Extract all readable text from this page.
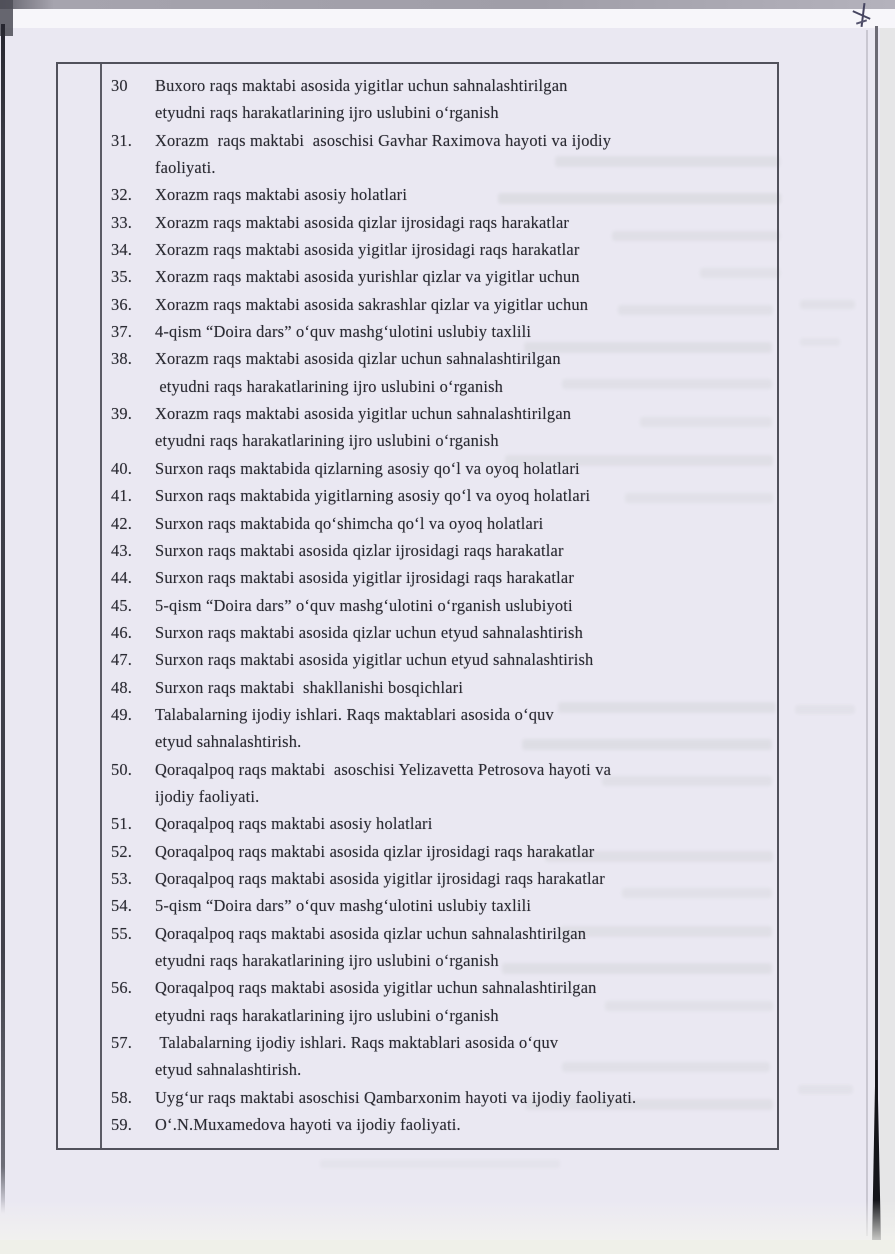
30	Buxoro raqs maktabi asosida yigitlar uchun sahnalashtirilgan
etyudni raqs harakatlarining ijro uslubini o‘rganish
31.	Xorazm  raqs maktabi  asoschisi Gavhar Raximova hayoti va ijodiy
faoliyati.
32.	Xorazm raqs maktabi asosiy holatlari
33.	Xorazm raqs maktabi asosida qizlar ijrosidagi raqs harakatlar
34.	Xorazm raqs maktabi asosida yigitlar ijrosidagi raqs harakatlar
35.	Xorazm raqs maktabi asosida yurishlar qizlar va yigitlar uchun
36.	Xorazm raqs maktabi asosida sakrashlar qizlar va yigitlar uchun
37.	4-qism “Doira dars” o‘quv mashg‘ulotini uslubiy taxlili
38.	Xorazm raqs maktabi asosida qizlar uchun sahnalashtirilgan
etyudni raqs harakatlarining ijro uslubini o‘rganish
39.	Xorazm raqs maktabi asosida yigitlar uchun sahnalashtirilgan
etyudni raqs harakatlarining ijro uslubini o‘rganish
40.	Surxon raqs maktabida qizlarning asosiy qo‘l va oyoq holatlari
41.	Surxon raqs maktabida yigitlarning asosiy qo‘l va oyoq holatlari
42.	Surxon raqs maktabida qo‘shimcha qo‘l va oyoq holatlari
43.	Surxon raqs maktabi asosida qizlar ijrosidagi raqs harakatlar
44.	Surxon raqs maktabi asosida yigitlar ijrosidagi raqs harakatlar
45.	5-qism “Doira dars” o‘quv mashg‘ulotini o‘rganish uslubiyoti
46.	Surxon raqs maktabi asosida qizlar uchun etyud sahnalashtirish
47.	Surxon raqs maktabi asosida yigitlar uchun etyud sahnalashtirish
48.	Surxon raqs maktabi  shakllanishi bosqichlari
49.	Talabalarning ijodiy ishlari. Raqs maktablari asosida o‘quv
etyud sahnalashtirish.
50.	Qoraqalpoq raqs maktabi  asoschisi Yelizavetta Petrosova hayoti va
ijodiy faoliyati.
51.	Qoraqalpoq raqs maktabi asosiy holatlari
52.	Qoraqalpoq raqs maktabi asosida qizlar ijrosidagi raqs harakatlar
53.	Qoraqalpoq raqs maktabi asosida yigitlar ijrosidagi raqs harakatlar
54.	5-qism “Doira dars” o‘quv mashg‘ulotini uslubiy taxlili
55.	Qoraqalpoq raqs maktabi asosida qizlar uchun sahnalashtirilgan
etyudni raqs harakatlarining ijro uslubini o‘rganish
56.	Qoraqalpoq raqs maktabi asosida yigitlar uchun sahnalashtirilgan
etyudni raqs harakatlarining ijro uslubini o‘rganish
57.	Talabalarning ijodiy ishlari. Raqs maktablari asosida o‘quv
etyud sahnalashtirish.
58.	Uyg‘ur raqs maktabi asoschisi Qambarxonim hayoti va ijodiy faoliyati.
59.	O‘.N.Muxamedova hayoti va ijodiy faoliyati.
